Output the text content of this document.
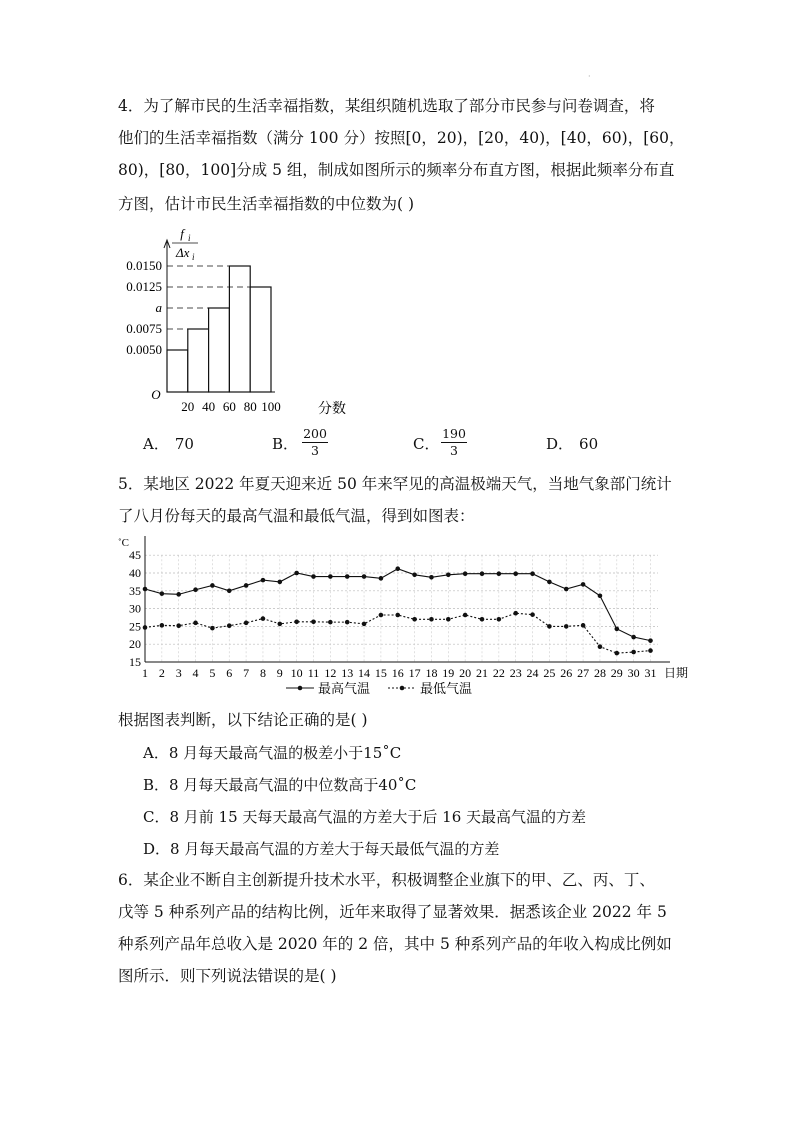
·
4．为了解市民的生活幸福指数，某组织随机选取了部分市民参与问卷调查，将
他们的生活幸福指数（满分 100 分）按照[0，20)，[20，40)，[40，60)，[60，
80)，[80，100]分成 5 组，制成如图所示的频率分布直方图，根据此频率分布直
方图，估计市民生活幸福指数的中位数为( )
f i
Δx i
0.0150
0.0125
a
0.0075
0.0050
20 40 60 80 100
O
分数
A． 70	B．
200
3	C．
190
3	D． 60
5．某地区 2022 年夏天迎来近 50 年来罕见的高温极端天气，当地气象部门统计
了八月份每天的最高气温和最低气温，得到如图表：
45
40
35
30
25
20
15
˚C
1 2 3 4 5 6 7 8 9 10 11 12 13 14 15 16 17 18 19 20 21 22 23 24 25 26 27 28 29 30 31 日期
最高气温	最低气温
根据图表判断，以下结论正确的是( )
A．8 月每天最高气温的极差小于15˚C
B．8 月每天最高气温的中位数高于40˚C
C．8 月前 15 天每天最高气温的方差大于后 16 天最高气温的方差
D．8 月每天最高气温的方差大于每天最低气温的方差
6．某企业不断自主创新提升技术水平，积极调整企业旗下的甲、乙、丙、丁、
戊等 5 种系列产品的结构比例，近年来取得了显著效果．据悉该企业 2022 年 5
种系列产品年总收入是 2020 年的 2 倍，其中 5 种系列产品的年收入构成比例如
图所示．则下列说法错误的是( )
